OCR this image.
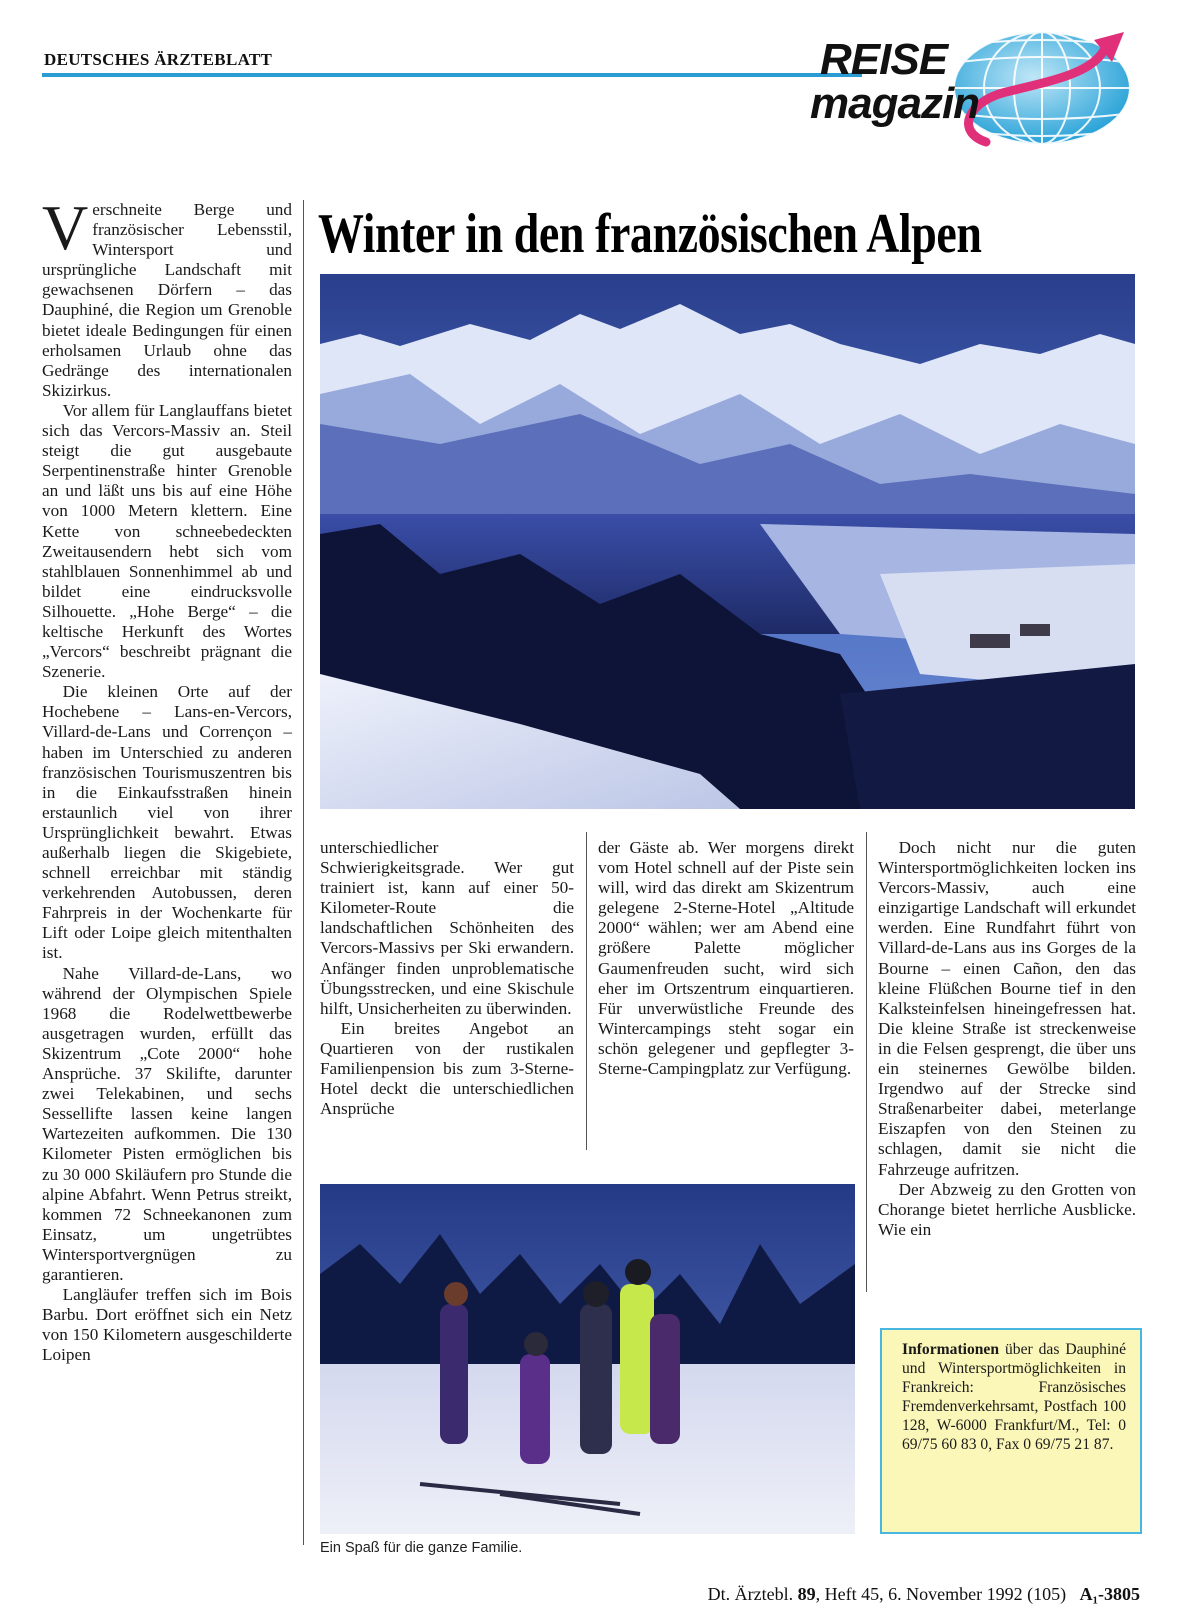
DEUTSCHES ÄRZTEBLATT	REISE
magazin
Winter in den französischen Alpen

Verschneite Berge und französischer Lebensstil, Wintersport und ursprüngliche Landschaft mit gewachsenen Dörfern – das Dauphiné, die Region um Grenoble bietet ideale Bedingungen für einen erholsamen Urlaub ohne das Gedränge des internationalen Skizirkus.

Vor allem für Langlauffans bietet sich das Vercors-Massiv an. Steil steigt die gut ausgebaute Serpentinenstraße hinter Grenoble an und läßt uns bis auf eine Höhe von 1000 Metern klettern. Eine Kette von schneebedeckten Zweitausendern hebt sich vom stahlblauen Sonnenhimmel ab und bildet eine eindrucksvolle Silhouette. „Hohe Berge“ – die keltische Herkunft des Wortes „Vercors“ beschreibt prägnant die Szenerie.

Die kleinen Orte auf der Hochebene – Lans-en-Vercors, Villard-de-Lans und Corrençon – haben im Unterschied zu anderen französischen Tourismuszentren bis in die Einkaufsstraßen hinein erstaunlich viel von ihrer Ursprünglichkeit bewahrt. Etwas außerhalb liegen die Skigebiete, schnell erreichbar mit ständig verkehrenden Autobussen, deren Fahrpreis in der Wochenkarte für Lift oder Loipe gleich mitenthalten ist.

Nahe Villard-de-Lans, wo während der Olympischen Spiele 1968 die Rodelwettbewerbe ausgetragen wurden, erfüllt das Skizentrum „Cote 2000“ hohe Ansprüche. 37 Skilifte, darunter zwei Telekabinen, und sechs Sessellifte lassen keine langen Wartezeiten aufkommen. Die 130 Kilometer Pisten ermöglichen bis zu 30 000 Skiläufern pro Stunde die alpine Abfahrt. Wenn Petrus streikt, kommen 72 Schneekanonen zum Einsatz, um ungetrübtes Wintersportvergnügen zu garantieren.

Langläufer treffen sich im Bois Barbu. Dort eröffnet sich ein Netz von 150 Kilometern ausgeschilderte Loipen

unterschiedlicher Schwierigkeitsgrade. Wer gut trainiert ist, kann auf einer 50-Kilometer-Route die landschaftlichen Schönheiten des Vercors-Massivs per Ski erwandern. Anfänger finden unproblematische Übungsstrecken, und eine Skischule hilft, Unsicherheiten zu überwinden.

Ein breites Angebot an Quartieren von der rustikalen Familienpension bis zum 3-Sterne-Hotel deckt die unterschiedlichen Ansprüche

der Gäste ab. Wer morgens direkt vom Hotel schnell auf der Piste sein will, wird das direkt am Skizentrum gelegene 2-Sterne-Hotel „Altitude 2000“ wählen; wer am Abend eine größere Palette möglicher Gaumenfreuden sucht, wird sich eher im Ortszentrum einquartieren. Für unverwüstliche Freunde des Wintercampings steht sogar ein schön gelegener und gepflegter 3-Sterne-Campingplatz zur Verfügung.

Doch nicht nur die guten Wintersportmöglichkeiten locken ins Vercors-Massiv, auch eine einzigartige Landschaft will erkundet werden. Eine Rundfahrt führt von Villard-de-Lans aus ins Gorges de la Bourne – einen Cañon, den das kleine Flüßchen Bourne tief in den Kalksteinfelsen hineingefressen hat. Die kleine Straße ist streckenweise in die Felsen gesprengt, die über uns ein steinernes Gewölbe bilden. Irgendwo auf der Strecke sind Straßenarbeiter dabei, meterlange Eiszapfen von den Steinen zu schlagen, damit sie nicht die Fahrzeuge aufritzen.

Der Abzweig zu den Grotten von Chorange bietet herrliche Ausblicke. Wie ein

Ein Spaß für die ganze Familie.
Informationen über das Dauphiné und Wintersportmöglichkeiten in Frankreich: Französisches Fremdenverkehrsamt, Postfach 100 128, W-6000 Frankfurt/M., Tel: 0 69/75 60 83 0, Fax 0 69/75 21 87.
Dt. Ärztebl. 89, Heft 45, 6. November 1992 (105) A₁-3805
